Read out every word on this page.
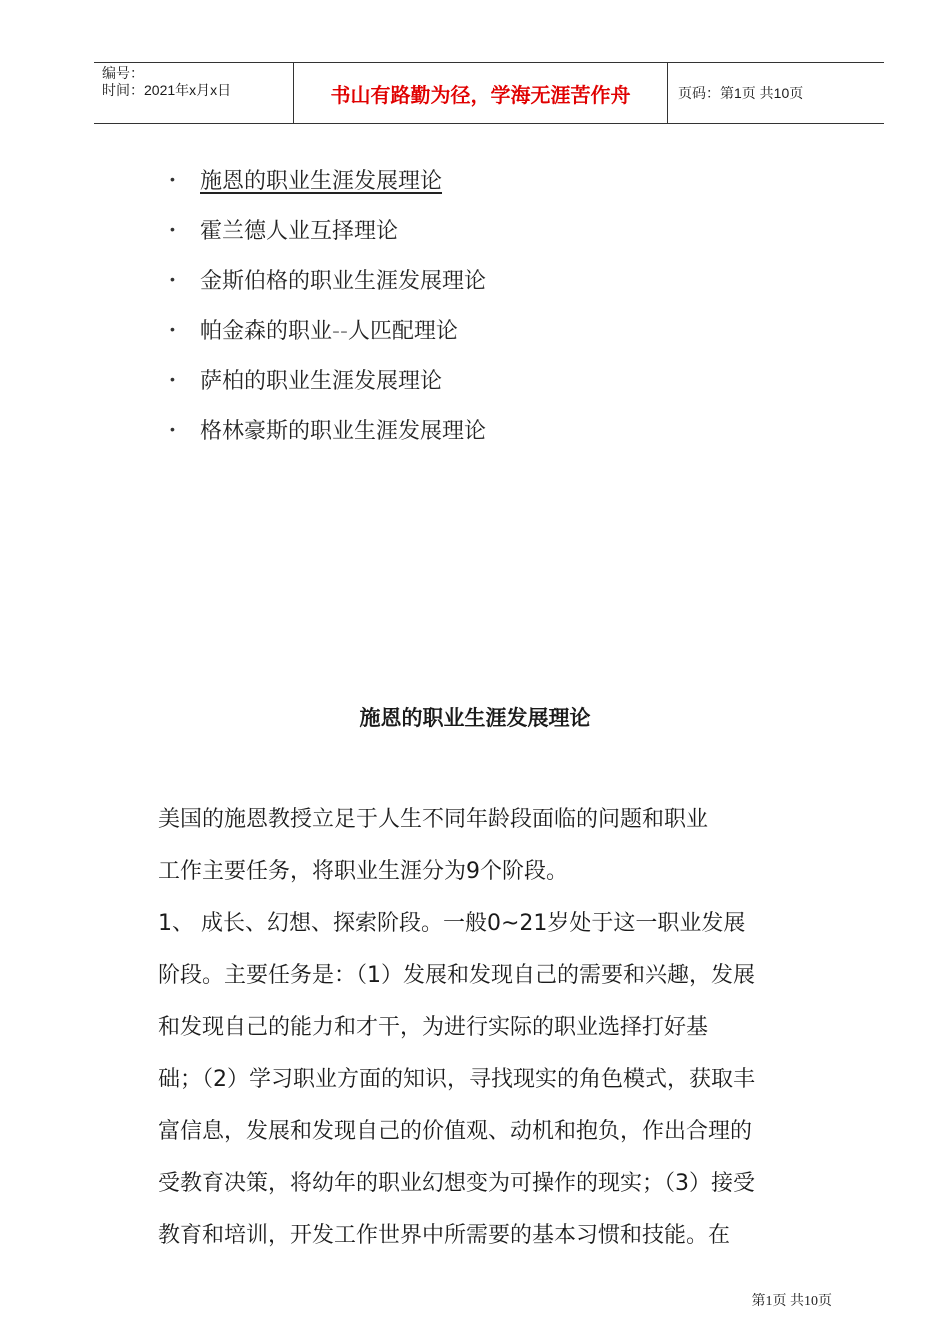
编号：
时间：2021年x月x日	书山有路勤为径，学海无涯苦作舟	页码：第1页 共10页
•	施恩的职业生涯发展理论
•	霍兰德人业互择理论
•	金斯伯格的职业生涯发展理论
•	帕金森的职业--人匹配理论
•	萨柏的职业生涯发展理论
•	格林豪斯的职业生涯发展理论
施恩的职业生涯发展理论

美国的施恩教授立足于人生不同年龄段面临的问题和职业
工作主要任务，将职业生涯分为9个阶段。

1、 成长、幻想、探索阶段。一般0~21岁处于这一职业发展
阶段。主要任务是：（1）发展和发现自己的需要和兴趣，发展
和发现自己的能力和才干，为进行实际的职业选择打好基
础；（2）学习职业方面的知识，寻找现实的角色模式，获取丰
富信息，发展和发现自己的价值观、动机和抱负，作出合理的
受教育决策，将幼年的职业幻想变为可操作的现实；（3）接受
教育和培训，开发工作世界中所需要的基本习惯和技能。在

第1页 共10页
